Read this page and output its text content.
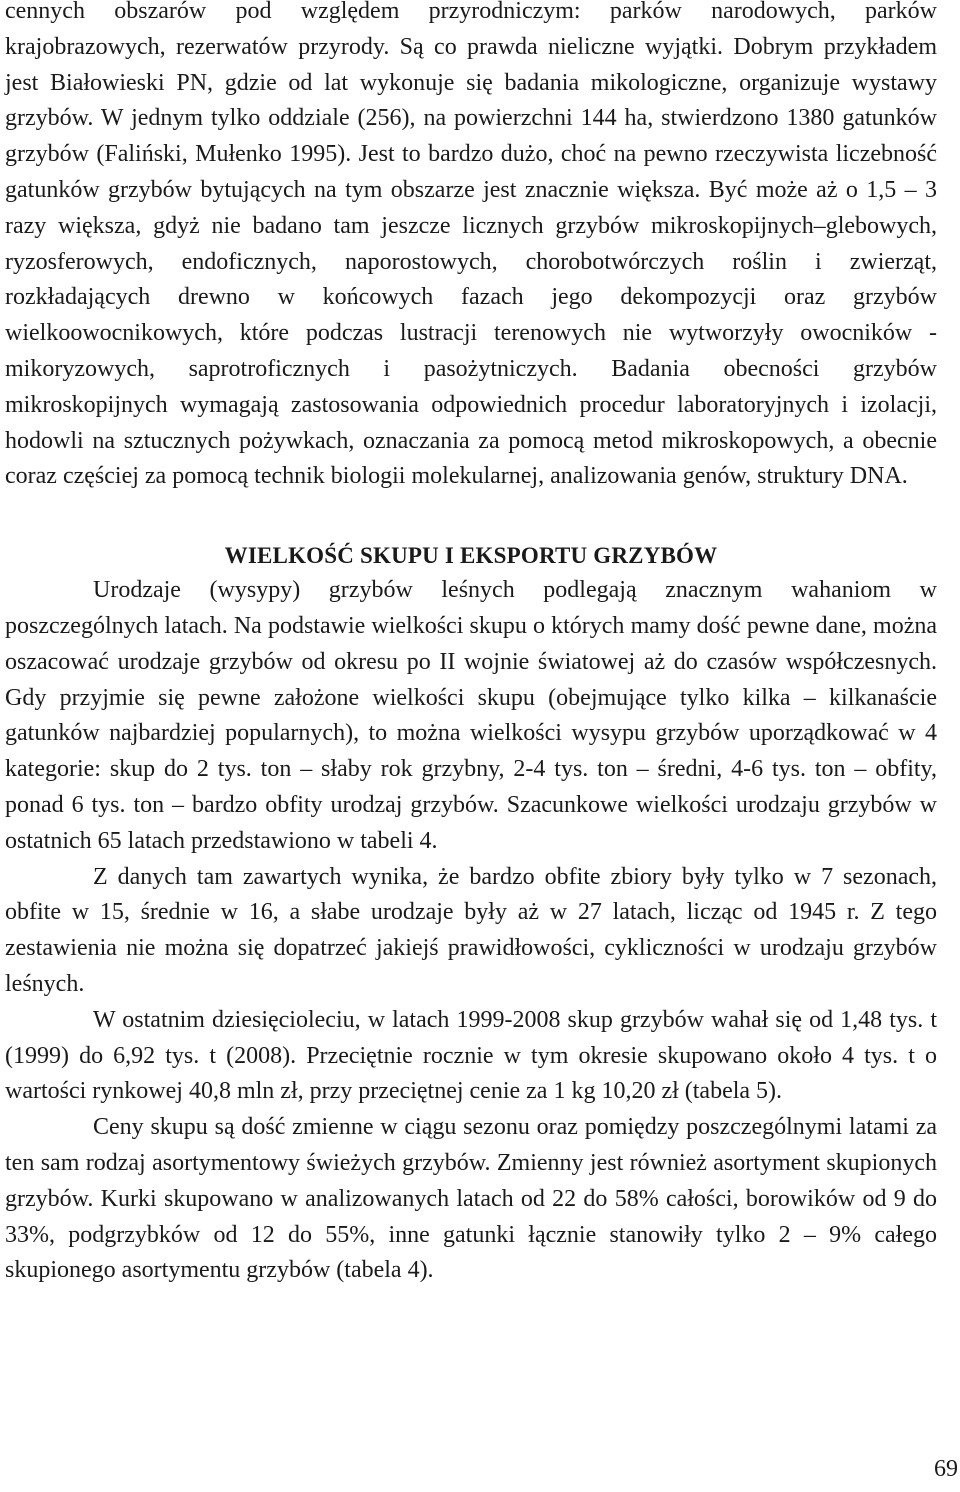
cennych obszarów pod względem przyrodniczym: parków narodowych, parków krajobrazowych, rezerwatów przyrody. Są co prawda nieliczne wyjątki. Dobrym przykładem jest Białowieski PN, gdzie od lat wykonuje się badania mikologiczne, organizuje wystawy grzybów. W jednym tylko oddziale (256), na powierzchni 144 ha, stwierdzono 1380 gatunków grzybów (Faliński, Mułenko 1995). Jest to bardzo dużo, choć na pewno rzeczywista liczebność gatunków grzybów bytujących na tym obszarze jest znacznie większa. Być może aż o 1,5 – 3 razy większa, gdyż nie badano tam jeszcze licznych grzybów mikroskopijnych–glebowych, ryzosferowych, endoficznych, naporostowych, chorobotwórczych roślin i zwierząt, rozkładających drewno w końcowych fazach jego dekompozycji oraz grzybów wielkoowocnikowych, które podczas lustracji terenowych nie wytworzyły owocników - mikoryzowych, saprotroficznych i pasożytniczych. Badania obecności grzybów mikroskopijnych wymagają zastosowania odpowiednich procedur laboratoryjnych i izolacji, hodowli na sztucznych pożywkach, oznaczania za pomocą metod mikroskopowych, a obecnie coraz częściej za pomocą technik biologii molekularnej, analizowania genów, struktury DNA.

WIELKOŚĆ SKUPU I EKSPORTU GRZYBÓW

Urodzaje (wysypy) grzybów leśnych podlegają znacznym wahaniom w poszczególnych latach. Na podstawie wielkości skupu o których mamy dość pewne dane, można oszacować urodzaje grzybów od okresu po II wojnie światowej aż do czasów współczesnych. Gdy przyjmie się pewne założone wielkości skupu (obejmujące tylko kilka – kilkanaście gatunków najbardziej popularnych), to można wielkości wysypu grzybów uporządkować w 4 kategorie: skup do 2 tys. ton – słaby rok grzybny, 2-4 tys. ton – średni, 4-6 tys. ton – obfity, ponad 6 tys. ton – bardzo obfity urodzaj grzybów. Szacunkowe wielkości urodzaju grzybów w ostatnich 65 latach przedstawiono w tabeli 4.

Z danych tam zawartych wynika, że bardzo obfite zbiory były tylko w 7 sezonach, obfite w 15, średnie w 16, a słabe urodzaje były aż w 27 latach, licząc od 1945 r. Z tego zestawienia nie można się dopatrzeć jakiejś prawidłowości, cykliczności w urodzaju grzybów leśnych.

W ostatnim dziesięcioleciu, w latach 1999-2008 skup grzybów wahał się od 1,48 tys. t (1999) do 6,92 tys. t (2008). Przeciętnie rocznie w tym okresie skupowano około 4 tys. t o wartości rynkowej 40,8 mln zł, przy przeciętnej cenie za 1 kg 10,20 zł (tabela 5).

Ceny skupu są dość zmienne w ciągu sezonu oraz pomiędzy poszczególnymi latami za ten sam rodzaj asortymentowy świeżych grzybów. Zmienny jest również asortyment skupionych grzybów. Kurki skupowano w analizowanych latach od 22 do 58% całości, borowików od 9 do 33%, podgrzybków od 12 do 55%, inne gatunki łącznie stanowiły tylko 2 – 9% całego skupionego asortymentu grzybów (tabela 4).

69
